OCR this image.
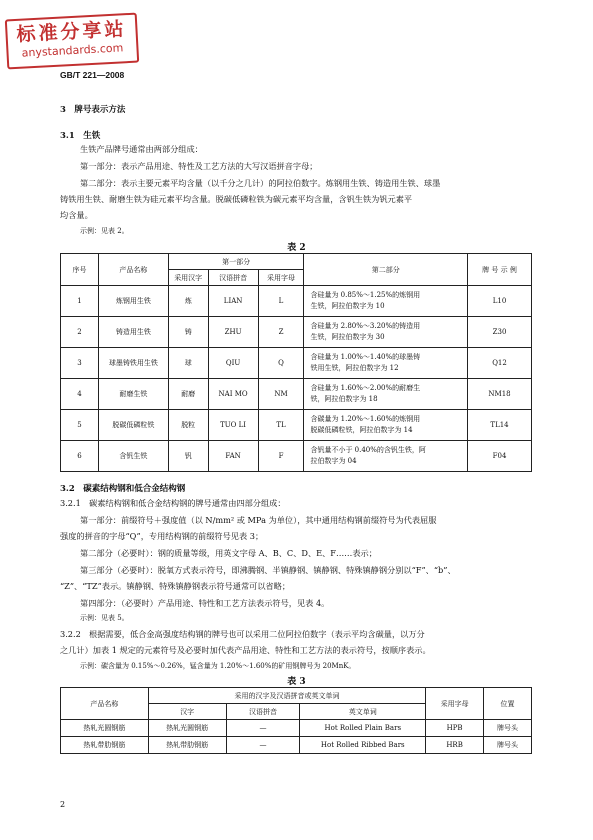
标准分享站
anystandards.com
GB/T 221—2008
3　牌号表示方法
3.1　生铁
生铁产品牌号通常由两部分组成：
第一部分：表示产品用途、特性及工艺方法的大写汉语拼音字母；
第二部分：表示主要元素平均含量（以千分之几计）的阿拉伯数字。炼钢用生铁、铸造用生铁、球墨
铸铁用生铁、耐磨生铁为硅元素平均含量。脱碳低磷粒铁为碳元素平均含量，含钒生铁为钒元素平
均含量。
示例：见表 2。
表 2
序号	产品名称	第一部分			第二部分	牌 号 示 例
		采用汉字	汉语拼音	采用字母		
1	炼钢用生铁	炼	LIAN	L	含硅量为 0.85%～1.25%的炼钢用
生铁，阿拉伯数字为 10	L10
2	铸造用生铁	铸	ZHU	Z	含硅量为 2.80%～3.20%的铸造用
生铁，阿拉伯数字为 30	Z30
3	球墨铸铁用生铁	球	QIU	Q	含硅量为 1.00%～1.40%的球墨铸
铁用生铁，阿拉伯数字为 12	Q12
4	耐磨生铁	耐磨	NAI MO	NM	含硅量为 1.60%～2.00%的耐磨生
铁，阿拉伯数字为 18	NM18
5	脱碳低磷粒铁	脱粒	TUO LI	TL	含碳量为 1.20%～1.60%的炼钢用
脱碳低磷粒铁，阿拉伯数字为 14	TL14
6	含钒生铁	钒	FAN	F	含钒量不小于 0.40%的含钒生铁，阿
拉伯数字为 04	F04
3.2　碳素结构钢和低合金结构钢
3.2.1　碳素结构钢和低合金结构钢的牌号通常由四部分组成：
第一部分：前缀符号＋强度值（以 N/mm² 或 MPa 为单位），其中通用结构钢前缀符号为代表屈服
强度的拼音的字母“Q”，专用结构钢的前缀符号见表 3；
第二部分（必要时）：钢的质量等级，用英文字母 A、B、C、D、E、F……表示；
第三部分（必要时）：脱氧方式表示符号，即沸腾钢、半镇静钢、镇静钢、特殊镇静钢分别以“F”、“b”、
“Z”、“TZ”表示。镇静钢、特殊镇静钢表示符号通常可以省略；
第四部分：（必要时）产品用途、特性和工艺方法表示符号，见表 4。
示例：见表 5。
3.2.2　根据需要，低合金高强度结构钢的牌号也可以采用二位阿拉伯数字（表示平均含碳量，以万分
之几计）加表 1 规定的元素符号及必要时加代表产品用途、特性和工艺方法的表示符号，按顺序表示。
示例：碳含量为 0.15%～0.26%，锰含量为 1.20%～1.60%的矿用钢牌号为 20MnK。
表 3
产品名称	采用的汉字及汉语拼音或英文单词			采用字母	位置
	汉字	汉语拼音	英文单词		
热轧光圆钢筋	热轧光圆钢筋	—	Hot Rolled Plain Bars	HPB	牌号头
热轧带肋钢筋	热轧带肋钢筋	—	Hot Rolled Ribbed Bars	HRB	牌号头
2
